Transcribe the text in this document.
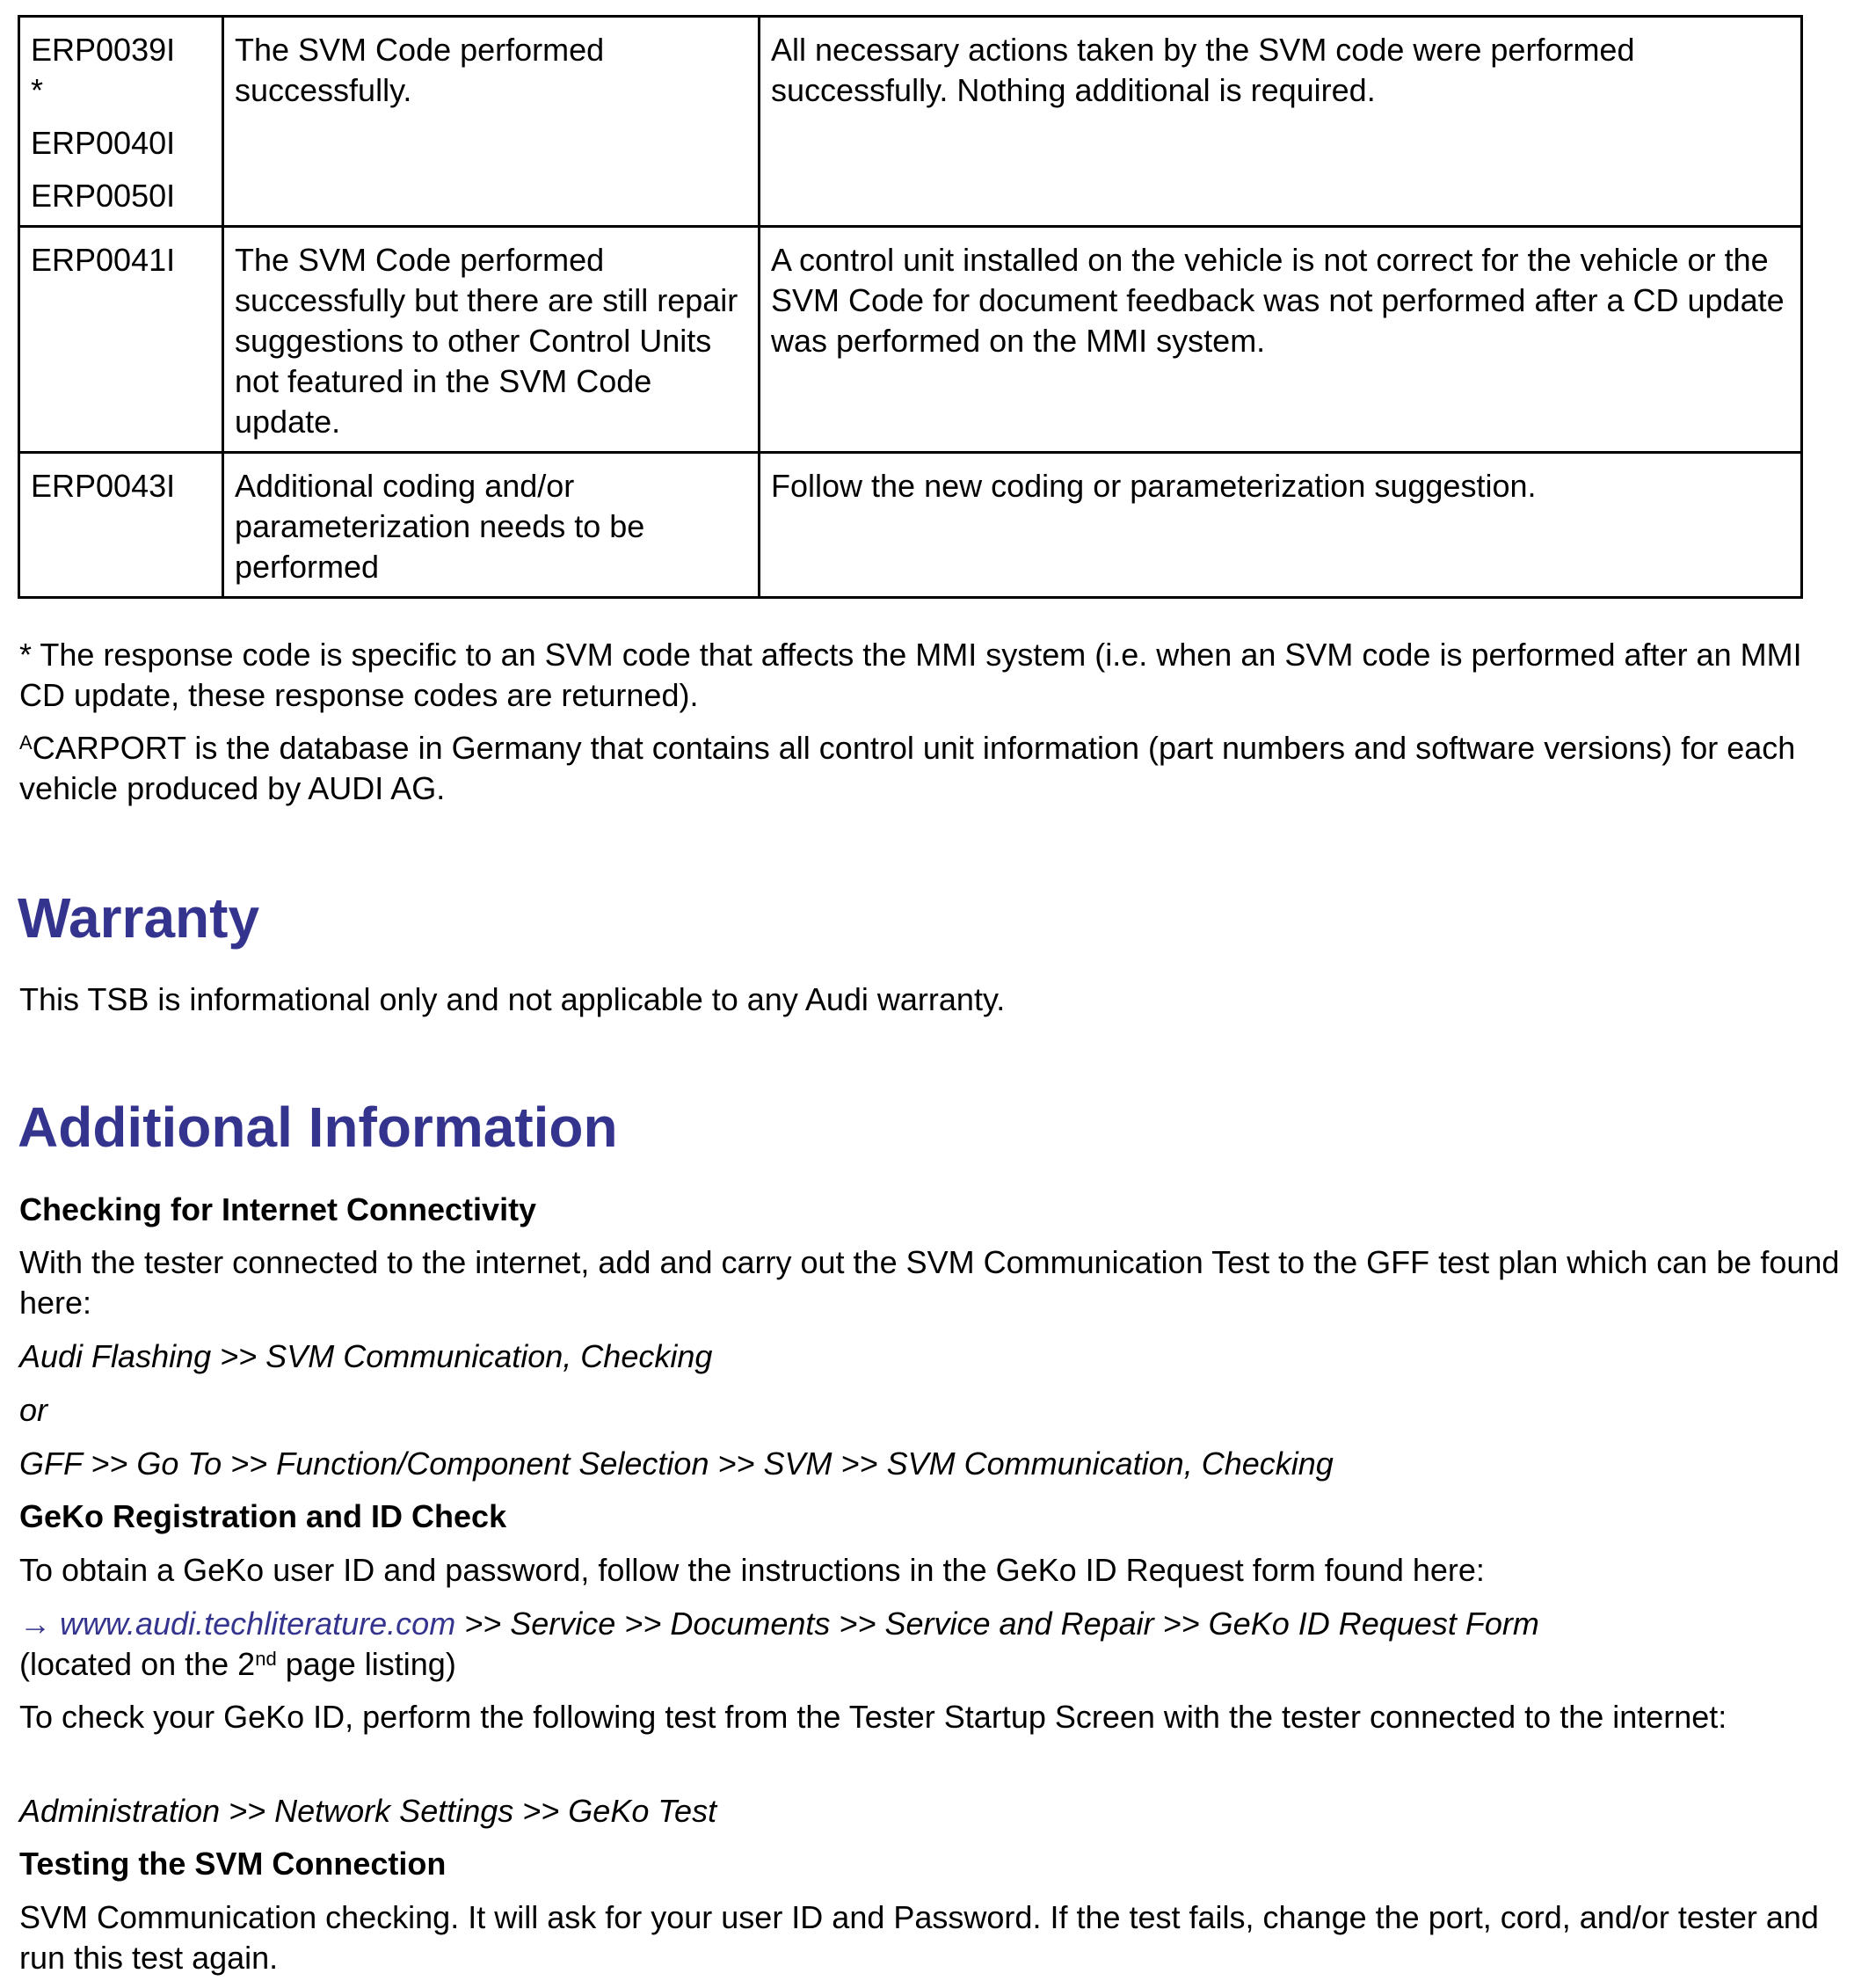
ERP0039I
*
ERP0040I
ERP0050I	The SVM Code performed successfully.	All necessary actions taken by the SVM code were performed successfully. Nothing additional is required.

ERP0041I	The SVM Code performed successfully but there are still repair suggestions to other Control Units not featured in the SVM Code update.	A control unit installed on the vehicle is not correct for the vehicle or the SVM Code for document feedback was not performed after a CD update was performed on the MMI system.

ERP0043I	Additional coding and/or parameterization needs to be performed	Follow the new coding or parameterization suggestion.

* The response code is specific to an SVM code that affects the MMI system (i.e. when an SVM code is performed after an MMI CD update, these response codes are returned).

$^A$CARPORT is the database in Germany that contains all control unit information (part numbers and software versions) for each vehicle produced by AUDI AG.

Warranty

This TSB is informational only and not applicable to any Audi warranty.

Additional Information

Checking for Internet Connectivity

With the tester connected to the internet, add and carry out the SVM Communication Test to the GFF test plan which can be found here:

Audi Flashing >> SVM Communication, Checking

or

GFF >> Go To >> Function/Component Selection >> SVM >> SVM Communication, Checking

GeKo Registration and ID Check

To obtain a GeKo user ID and password, follow the instructions in the GeKo ID Request form found here:

→ www.audi.techliterature.com >> Service >> Documents >> Service and Repair >> GeKo ID Request Form
(located on the 2nd page listing)

To check your GeKo ID, perform the following test from the Tester Startup Screen with the tester connected to the internet:

Administration >> Network Settings >> GeKo Test

Testing the SVM Connection

SVM Communication checking. It will ask for your user ID and Password. If the test fails, change the port, cord, and/or tester and run this test again.
